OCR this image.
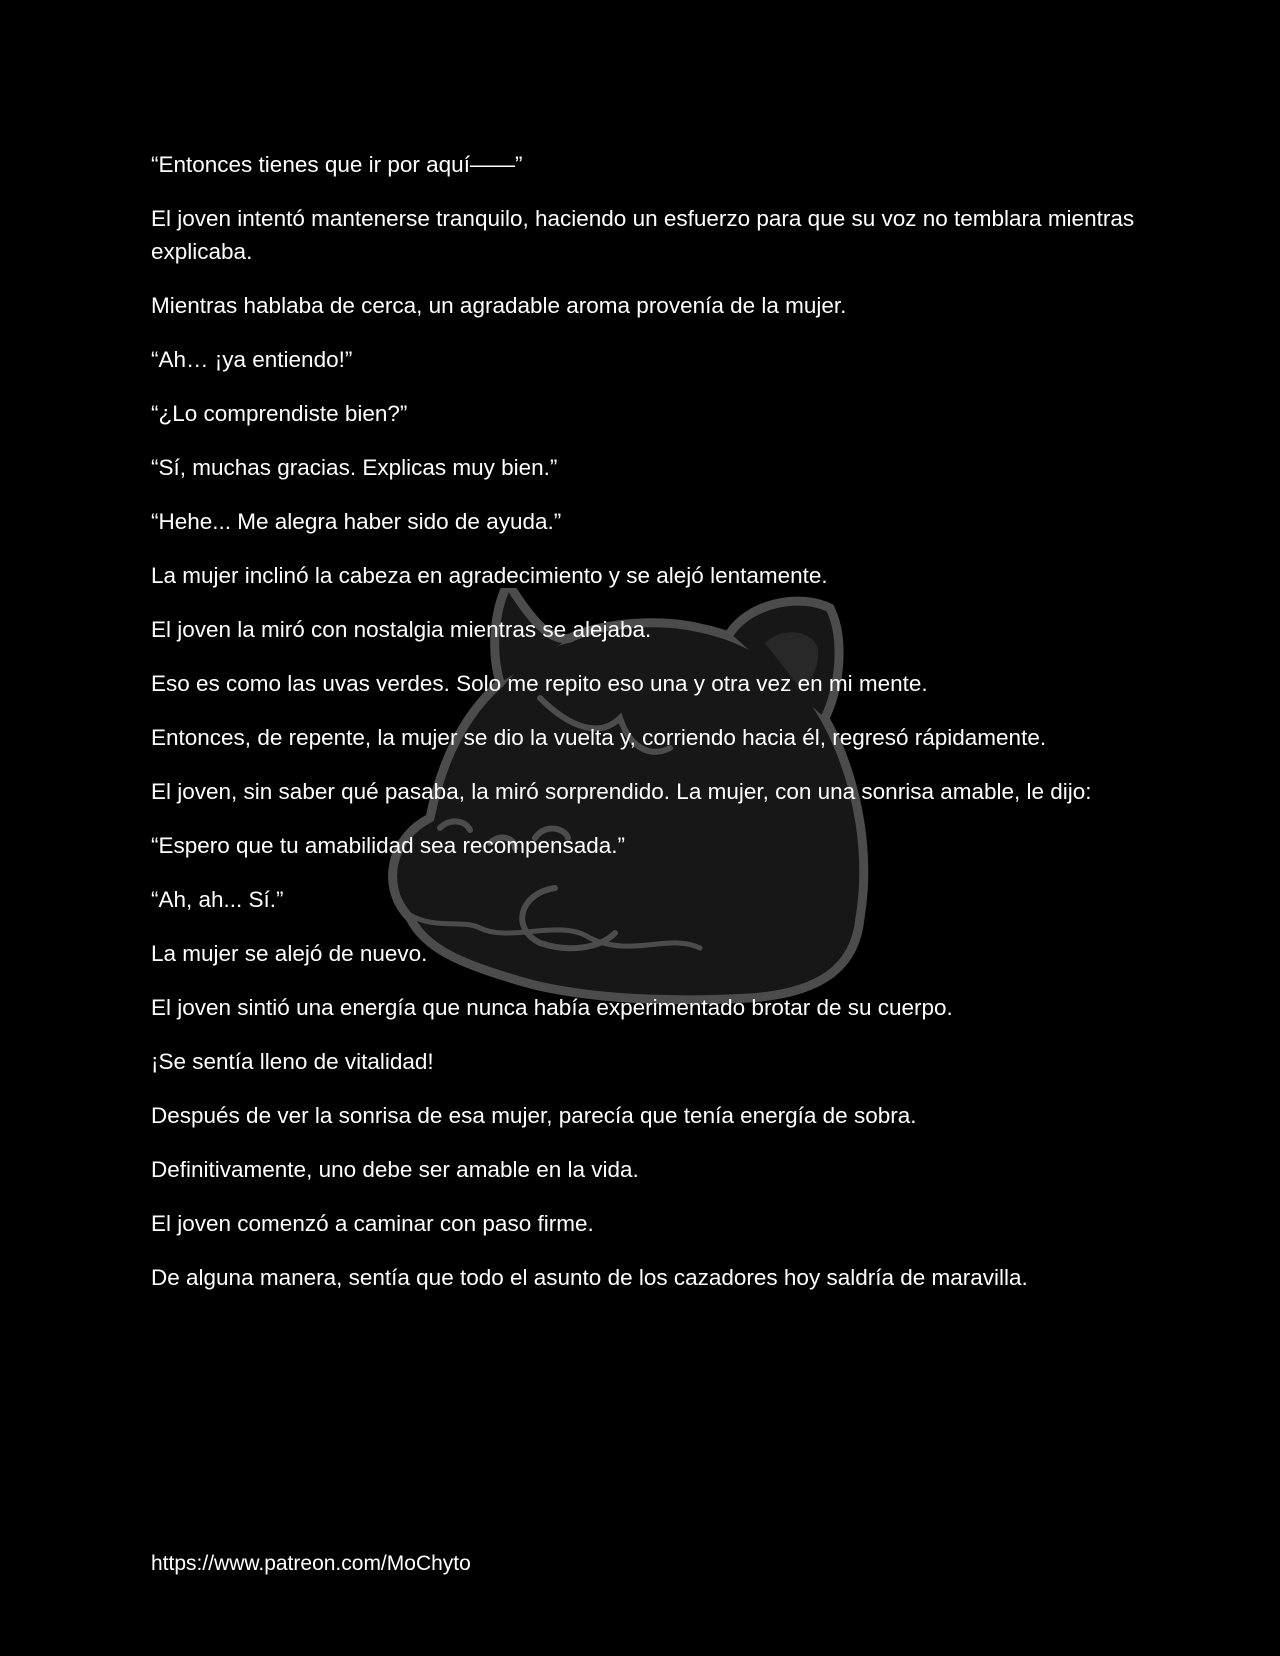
“Entonces tienes que ir por aquí——”

El joven intentó mantenerse tranquilo, haciendo un esfuerzo para que su voz no temblara mientras explicaba.

Mientras hablaba de cerca, un agradable aroma provenía de la mujer.

“Ah… ¡ya entiendo!”

“¿Lo comprendiste bien?”

“Sí, muchas gracias. Explicas muy bien.”

“Hehe... Me alegra haber sido de ayuda.”

La mujer inclinó la cabeza en agradecimiento y se alejó lentamente.

El joven la miró con nostalgia mientras se alejaba.

Eso es como las uvas verdes. Solo me repito eso una y otra vez en mi mente.

Entonces, de repente, la mujer se dio la vuelta y, corriendo hacia él, regresó rápidamente.

El joven, sin saber qué pasaba, la miró sorprendido. La mujer, con una sonrisa amable, le dijo:

“Espero que tu amabilidad sea recompensada.”

“Ah, ah... Sí.”

La mujer se alejó de nuevo.

El joven sintió una energía que nunca había experimentado brotar de su cuerpo.

¡Se sentía lleno de vitalidad!

Después de ver la sonrisa de esa mujer, parecía que tenía energía de sobra.

Definitivamente, uno debe ser amable en la vida.

El joven comenzó a caminar con paso firme.

De alguna manera, sentía que todo el asunto de los cazadores hoy saldría de maravilla.

https://www.patreon.com/MoChyto
